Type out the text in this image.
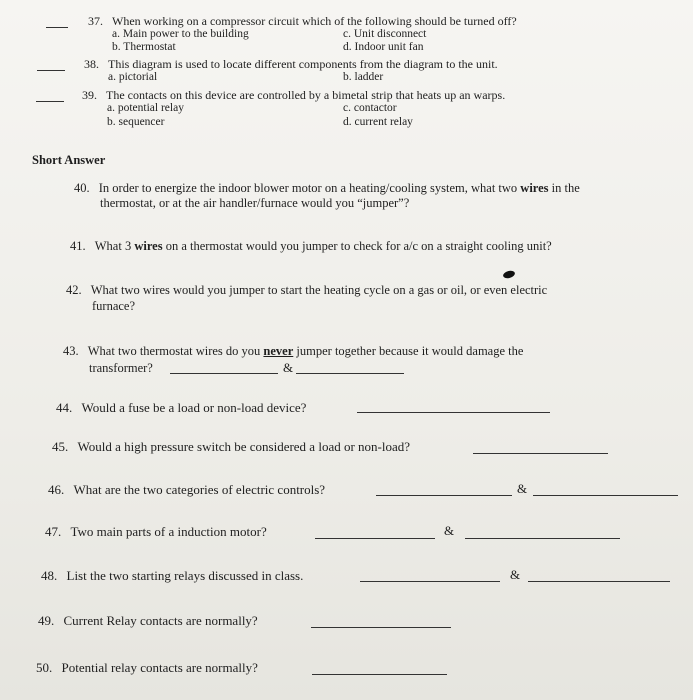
37. When working on a compressor circuit which of the following should be turned off?
a. Main power to the building	c. Unit disconnect
b. Thermostat	d. Indoor unit fan
38. This diagram is used to locate different components from the diagram to the unit.
a. pictorial	b. ladder
39. The contacts on this device are controlled by a bimetal strip that heats up an warps.
a. potential relay	c. contactor
b. sequencer	d. current relay
Short Answer
40. In order to energize the indoor blower motor on a heating/cooling system, what two wires in the
thermostat, or at the air handler/furnace would you “jumper”?
41. What 3 wires on a thermostat would you jumper to check for a/c on a straight cooling unit?
42. What two wires would you jumper to start the heating cycle on a gas or oil, or even electric
furnace?
43. What two thermostat wires do you never jumper together because it would damage the
transformer?	&
44. Would a fuse be a load or non-load device?
45. Would a high pressure switch be considered a load or non-load?
46. What are the two categories of electric controls?	&
47. Two main parts of a induction motor?	&
48. List the two starting relays discussed in class.	&
49. Current Relay contacts are normally?
50. Potential relay contacts are normally?
